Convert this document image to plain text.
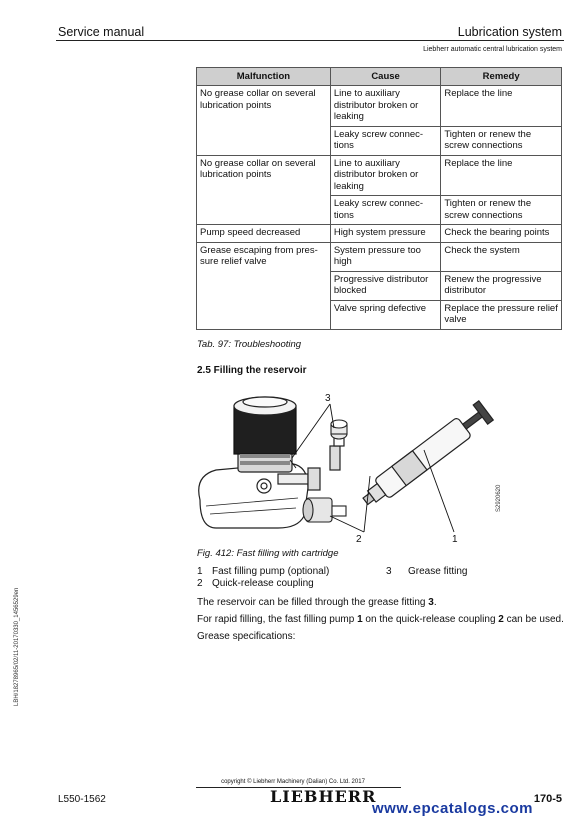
Service manual	Lubrication system
Liebherr automatic central lubrication system
Malfunction	Cause	Remedy
No grease collar on several lubrication points	Line to auxiliary distributor broken or leaking	Replace the line
	Leaky screw connec-tions	Tighten or renew the screw connections
No grease collar on several lubrication points	Line to auxiliary distributor broken or leaking	Replace the line
	Leaky screw connec-tions	Tighten or renew the screw connections
Pump speed decreased	High system pressure	Check the bearing points
Grease escaping from pres-sure relief valve	System pressure too high	Check the system
	Progressive distributor blocked	Renew the progressive distributor
	Valve spring defective	Replace the pressure relief valve
Tab. 97: Troubleshooting
2.5 Filling the reservoir
3
2	1
S2920620
Fig. 412: Fast filling with cartridge
1 Fast filling pump (optional)	3 Grease fitting
2 Quick-release coupling
The reservoir can be filled through the grease fitting 3.
For rapid filling, the fast filling pump 1 on the quick-release coupling 2 can be used.
Grease specifications:
LBH/18278965/02/11-20170330_1456529en
copyright © Liebherr Machinery (Dalian) Co. Ltd. 2017
L550-1562	LIEBHERR
www.epcatalogs.com
170-5
